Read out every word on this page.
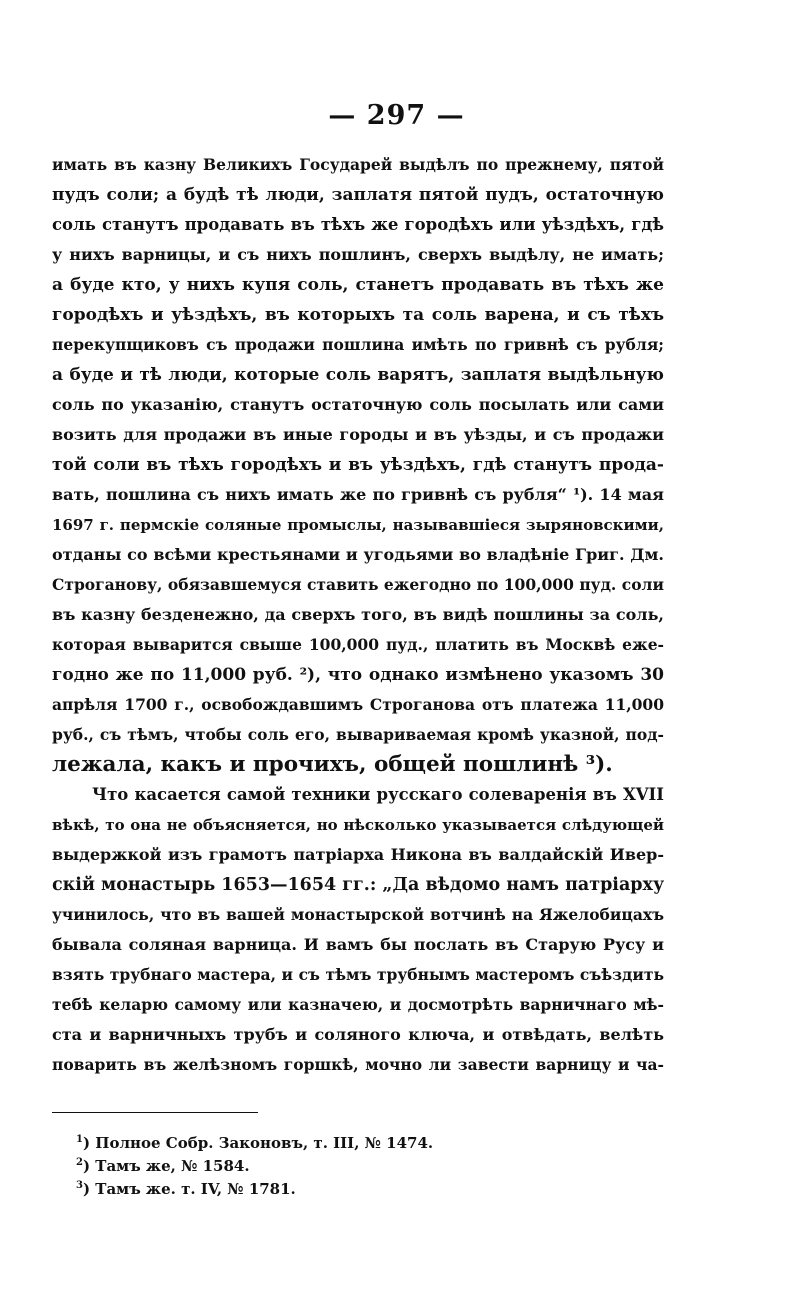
— 297 —
имать въ казну Великихъ Государей выдѣлъ по прежнему, пятой
пудъ соли; а будѣ тѣ люди, заплатя пятой пудъ, остаточную
соль станутъ продавать въ тѣхъ же городѣхъ или уѣздѣхъ, гдѣ
у нихъ варницы, и съ нихъ пошлинъ, сверхъ выдѣлу, не имать;
а буде кто, у нихъ купя соль, станетъ продавать въ тѣхъ же
городѣхъ и уѣздѣхъ, въ которыхъ та соль варена, и съ тѣхъ
перекупщиковъ съ продажи пошлина имѣть по гривнѣ съ рубля;
а буде и тѣ люди, которые соль варятъ, заплатя выдѣльную
соль по указанію, станутъ остаточную соль посылать или сами
возить для продажи въ иные городы и въ уѣзды, и съ продажи
той соли въ тѣхъ городѣхъ и въ уѣздѣхъ, гдѣ станутъ прода-
вать, пошлина съ нихъ имать же по гривнѣ съ рубля“ ¹). 14 мая
1697 г. пермскіе соляные промыслы, называвшіеся зыряновскими,
отданы со всѣми крестьянами и угодьями во владѣніе Григ. Дм.
Строганову, обязавшемуся ставить ежегодно по 100,000 пуд. соли
въ казну безденежно, да сверхъ того, въ видѣ пошлины за соль,
которая выварится свыше 100,000 пуд., платить въ Москвѣ еже-
годно же по 11,000 руб. ²), что однако измѣнено указомъ 30
апрѣля 1700 г., освобождавшимъ Строганова отъ платежа 11,000
руб., съ тѣмъ, чтобы соль его, вывариваемая кромѣ указной, под-
лежала, какъ и прочихъ, общей пошлинѣ ³).
Что касается самой техники русскаго солеваренія въ XVII
вѣкѣ, то она не объясняется, но нѣсколько указывается слѣдующей
выдержкой изъ грамотъ патріарха Никона въ валдайскій Ивер-
скій монастырь 1653—1654 гг.: „Да вѣдомо намъ патріарху
учинилось, что въ вашей монастырской вотчинѣ на Яжелобицахъ
бывала соляная варница. И вамъ бы послать въ Старую Русу и
взять трубнаго мастера, и съ тѣмъ трубнымъ мастеромъ съѣздить
тебѣ келарю самому или казначею, и досмотрѣть варничнаго мѣ-
ста и варничныхъ трубъ и соляного ключа, и отвѣдать, велѣть
поварить въ желѣзномъ горшкѣ, мочно ли завести варницу и ча-
$^1$) Полное Собр. Законовъ, т. III, № 1474.
$^2$) Тамъ же, № 1584.
$^3$) Тамъ же. т. IV, № 1781.
